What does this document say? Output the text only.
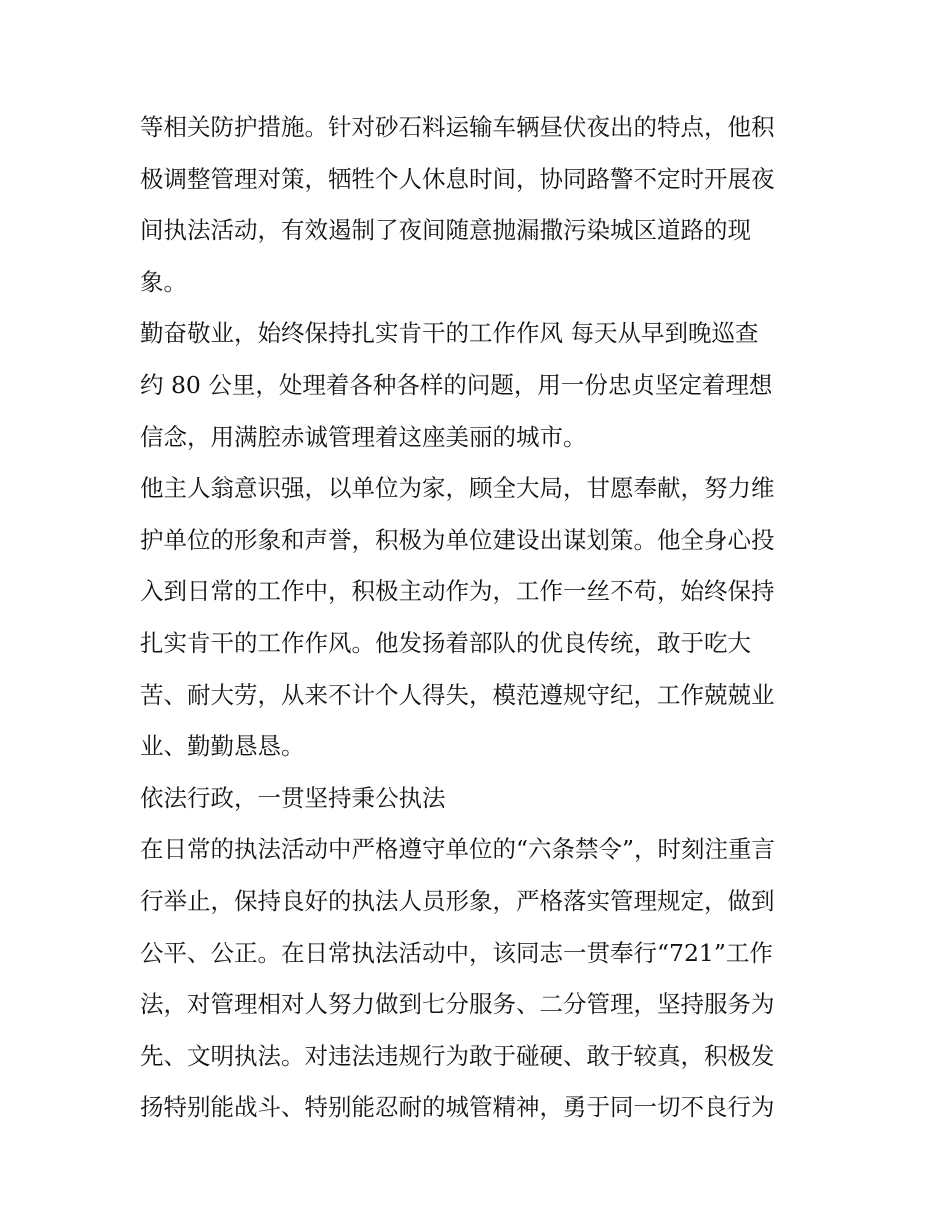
等相关防护措施。针对砂石料运输车辆昼伏夜出的特点，他积
极调整管理对策，牺牲个人休息时间，协同路警不定时开展夜
间执法活动，有效遏制了夜间随意抛漏撒污染城区道路的现
象。
勤奋敬业，始终保持扎实肯干的工作作风 每天从早到晚巡查
约 80 公里，处理着各种各样的问题，用一份忠贞坚定着理想
信念，用满腔赤诚管理着这座美丽的城市。
他主人翁意识强，以单位为家，顾全大局，甘愿奉献，努力维
护单位的形象和声誉，积极为单位建设出谋划策。他全身心投
入到日常的工作中，积极主动作为，工作一丝不苟，始终保持
扎实肯干的工作作风。他发扬着部队的优良传统，敢于吃大
苦、耐大劳，从来不计个人得失，模范遵规守纪，工作兢兢业
业、勤勤恳恳。
依法行政，一贯坚持秉公执法
在日常的执法活动中严格遵守单位的“六条禁令”，时刻注重言
行举止，保持良好的执法人员形象，严格落实管理规定，做到
公平、公正。在日常执法活动中，该同志一贯奉行“721”工作
法，对管理相对人努力做到七分服务、二分管理，坚持服务为
先、文明执法。对违法违规行为敢于碰硬、敢于较真，积极发
扬特别能战斗、特别能忍耐的城管精神，勇于同一切不良行为
